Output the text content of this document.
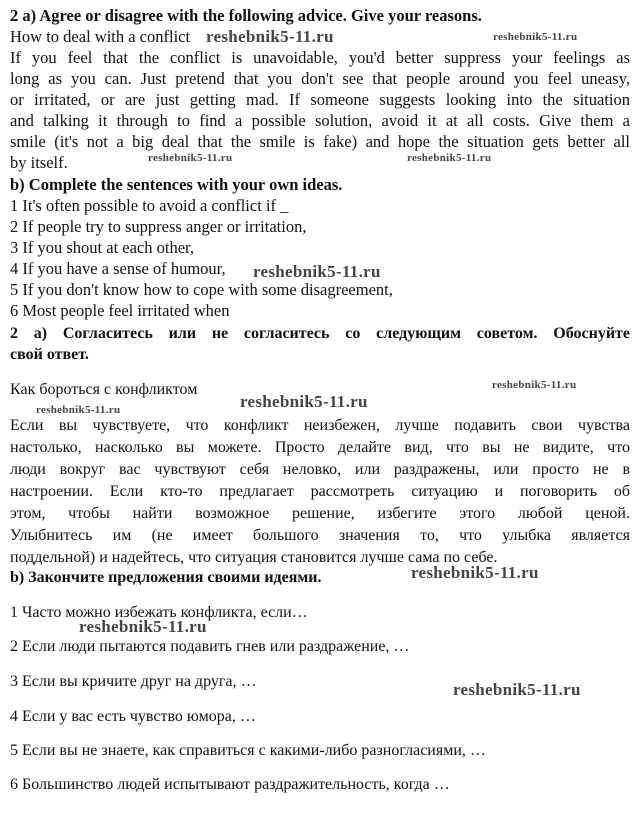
2 a) Agree or disagree with the following advice. Give your reasons.
How to deal with a conflict
If you feel that the conflict is unavoidable, you'd better suppress your feelings as
long as you can. Just pretend that you don't see that people around you feel uneasy,
or irritated, or are just getting mad. If someone suggests looking into the situation
and talking it through to find a possible solution, avoid it at all costs. Give them a
smile (it's not a big deal that the smile is fake) and hope the situation gets better all
by itself.
b) Complete the sentences with your own ideas.
1 It's often possible to avoid a conflict if _
2 If people try to suppress anger or irritation,
3 If you shout at each other,
4 If you have a sense of humour,
5 If you don't know how to cope with some disagreement,
6 Most people feel irritated when
2 а) Согласитесь или не согласитесь со следующим советом. Обоснуйте
свой ответ.
Как бороться с конфликтом
Если вы чувствуете, что конфликт неизбежен, лучше подавить свои чувства
настолько, насколько вы можете. Просто делайте вид, что вы не видите, что
люди вокруг вас чувствуют себя неловко, или раздражены, или просто не в
настроении. Если кто-то предлагает рассмотреть ситуацию и поговорить об
этом, чтобы найти возможное решение, избегите этого любой ценой.
Улыбнитесь им (не имеет большого значения то, что улыбка является
поддельной) и надейтесь, что ситуация становится лучше сама по себе.
b) Закончите предложения своими идеями.
1 Часто можно избежать конфликта, если…
2 Если люди пытаются подавить гнев или раздражение, …
3 Если вы кричите друг на друга, …
4 Если у вас есть чувство юмора, …
5 Если вы не знаете, как справиться с какими-либо разногласиями, …
6 Большинство людей испытывают раздражительность, когда …
reshebnik5-11.ru	reshebnik5-11.ru
reshebnik5-11.ru	reshebnik5-11.ru
reshebnik5-11.ru
reshebnik5-11.ru
reshebnik5-11.ru
reshebnik5-11.ru
reshebnik5-11.ru
reshebnik5-11.ru
reshebnik5-11.ru
